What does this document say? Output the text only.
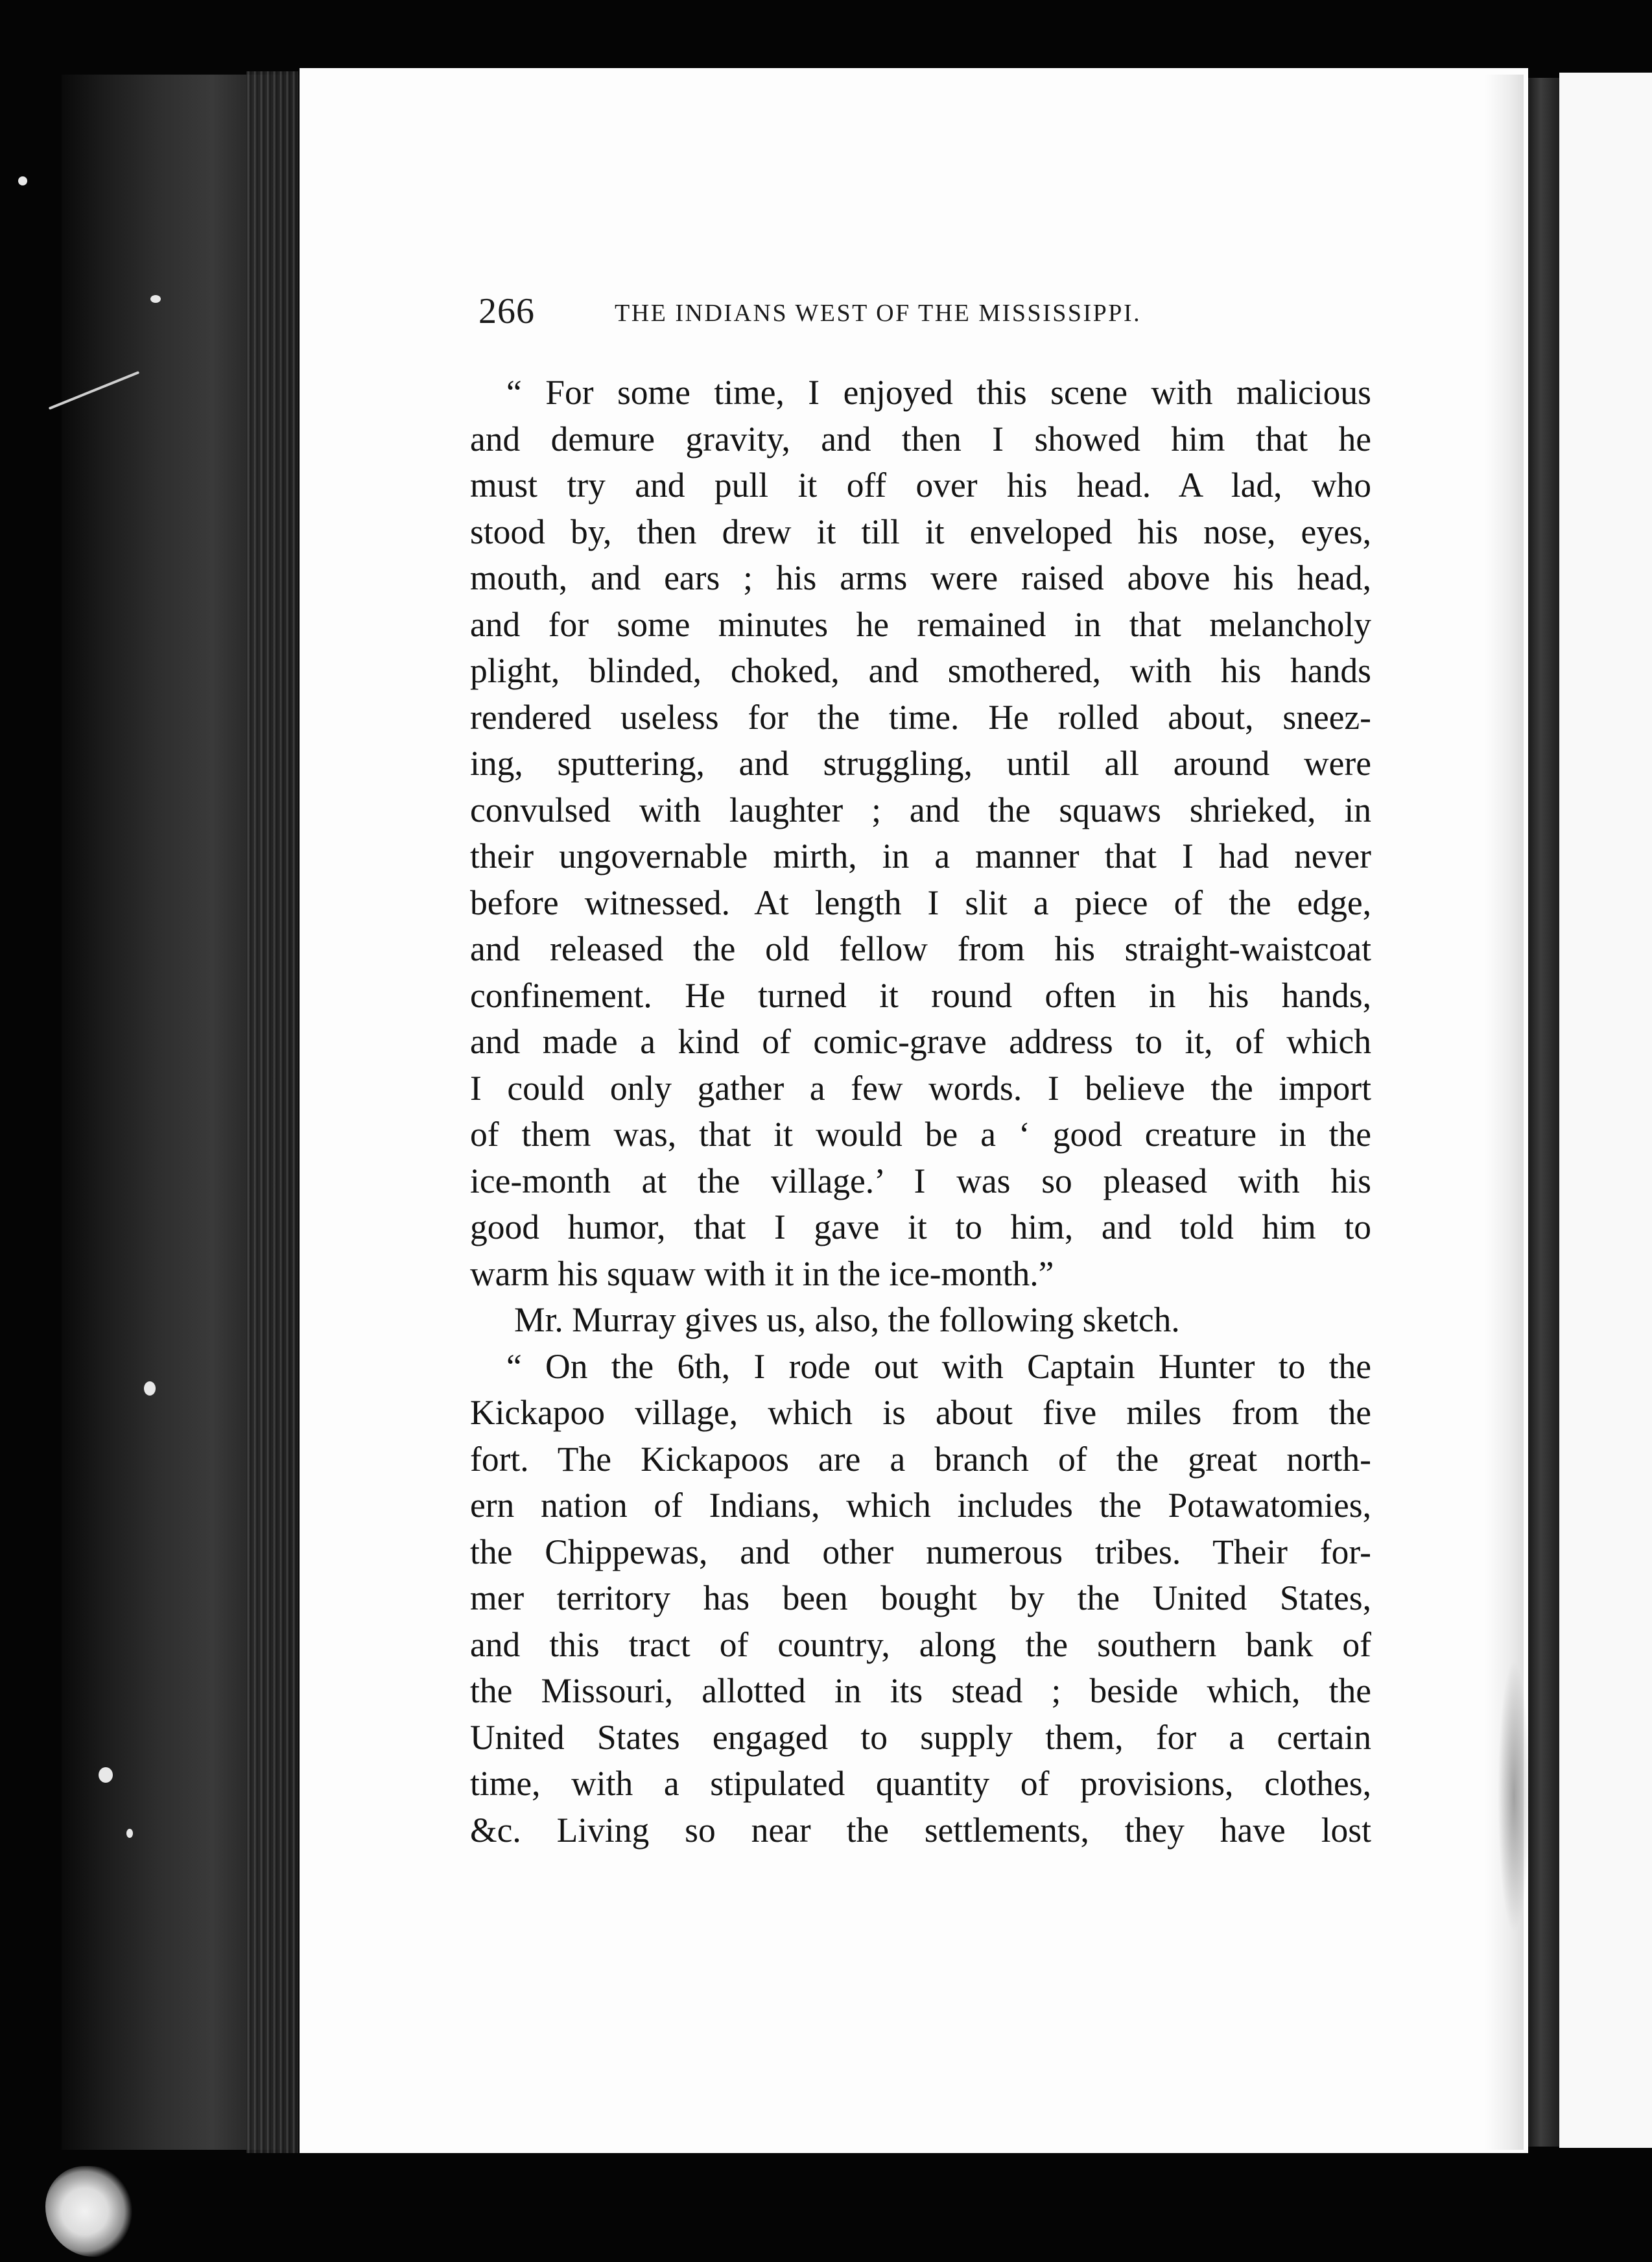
266	THE INDIANS WEST OF THE MISSISSIPPI.
“ For some time, I enjoyed this scene with malicious
and demure gravity, and then I showed him that he
must try and pull it off over his head. A lad, who
stood by, then drew it till it enveloped his nose, eyes,
mouth, and ears ; his arms were raised above his head,
and for some minutes he remained in that melancholy
plight, blinded, choked, and smothered, with his hands
rendered useless for the time. He rolled about, sneez-
ing, sputtering, and struggling, until all around were
convulsed with laughter ; and the squaws shrieked, in
their ungovernable mirth, in a manner that I had never
before witnessed. At length I slit a piece of the edge,
and released the old fellow from his straight-waistcoat
confinement. He turned it round often in his hands,
and made a kind of comic-grave address to it, of which
I could only gather a few words. I believe the import
of them was, that it would be a ‘ good creature in the
ice-month at the village.’ I was so pleased with his
good humor, that I gave it to him, and told him to
warm his squaw with it in the ice-month.”
Mr. Murray gives us, also, the following sketch.
“ On the 6th, I rode out with Captain Hunter to the
Kickapoo village, which is about five miles from the
fort. The Kickapoos are a branch of the great north-
ern nation of Indians, which includes the Potawatomies,
the Chippewas, and other numerous tribes. Their for-
mer territory has been bought by the United States,
and this tract of country, along the southern bank of
the Missouri, allotted in its stead ; beside which, the
United States engaged to supply them, for a certain
time, with a stipulated quantity of provisions, clothes,
&c. Living so near the settlements, they have lost
